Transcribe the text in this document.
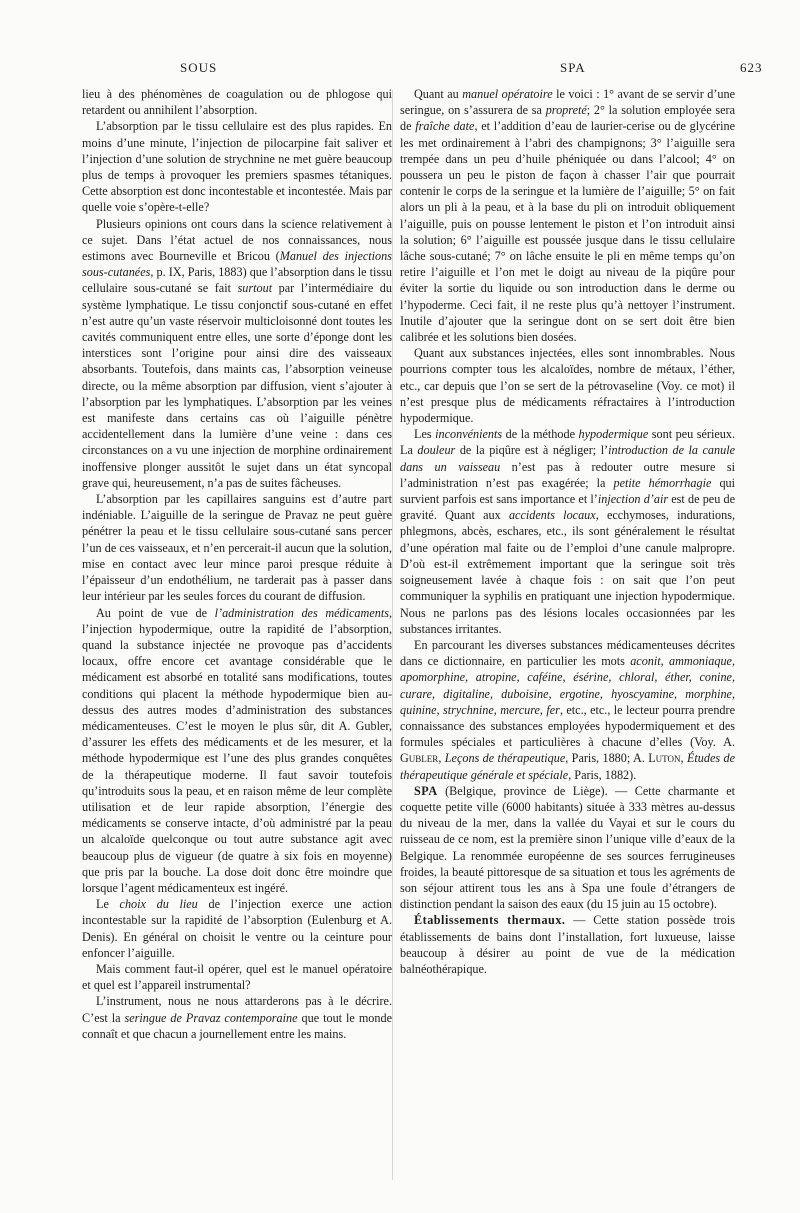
SOUS	SPA	623

lieu à des phénomènes de coagulation ou de phlogose qui retardent ou annihilent l’absorption.

L’absorption par le tissu cellulaire est des plus rapides. En moins d’une minute, l’injection de pilocarpine fait saliver et l’injection d’une solution de strychnine ne met guère beaucoup plus de temps à provoquer les premiers spasmes tétaniques. Cette absorption est donc incontestable et incontestée. Mais par quelle voie s’opère-t-elle?

Plusieurs opinions ont cours dans la science relativement à ce sujet. Dans l’état actuel de nos connaissances, nous estimons avec Bourneville et Bricou (Manuel des injections sous-cutanées, p. IX, Paris, 1883) que l’absorption dans le tissu cellulaire sous-cutané se fait surtout par l’intermédiaire du système lymphatique. Le tissu conjonctif sous-cutané en effet n’est autre qu’un vaste réservoir multicloisonné dont toutes les cavités communiquent entre elles, une sorte d’éponge dont les interstices sont l’origine pour ainsi dire des vaisseaux absorbants. Toutefois, dans maints cas, l’absorption veineuse directe, ou la même absorption par diffusion, vient s’ajouter à l’absorption par les lymphatiques. L’absorption par les veines est manifeste dans certains cas où l’aiguille pénètre accidentellement dans la lumière d’une veine : dans ces circonstances on a vu une injection de morphine ordinairement inoffensive plonger aussitôt le sujet dans un état syncopal grave qui, heureusement, n’a pas de suites fâcheuses.

L’absorption par les capillaires sanguins est d’autre part indéniable. L’aiguille de la seringue de Pravaz ne peut guère pénétrer la peau et le tissu cellulaire sous-cutané sans percer l’un de ces vaisseaux, et n’en percerait-il aucun que la solution, mise en contact avec leur mince paroi presque réduite à l’épaisseur d’un endothélium, ne tarderait pas à passer dans leur intérieur par les seules forces du courant de diffusion.

Au point de vue de l’administration des médicaments, l’injection hypodermique, outre la rapidité de l’absorption, quand la substance injectée ne provoque pas d’accidents locaux, offre encore cet avantage considérable que le médicament est absorbé en totalité sans modifications, toutes conditions qui placent la méthode hypodermique bien au-dessus des autres modes d’administration des substances médicamenteuses. C’est le moyen le plus sûr, dit A. Gubler, d’assurer les effets des médicaments et de les mesurer, et la méthode hypodermique est l’une des plus grandes conquêtes de la thérapeutique moderne. Il faut savoir toutefois qu’introduits sous la peau, et en raison même de leur complète utilisation et de leur rapide absorption, l’énergie des médicaments se conserve intacte, d’où administré par la peau un alcaloïde quelconque ou tout autre substance agit avec beaucoup plus de vigueur (de quatre à six fois en moyenne) que pris par la bouche. La dose doit donc être moindre que lorsque l’agent médicamenteux est ingéré.

Le choix du lieu de l’injection exerce une action incontestable sur la rapidité de l’absorption (Eulenburg et A. Denis). En général on choisit le ventre ou la ceinture pour enfoncer l’aiguille.

Mais comment faut-il opérer, quel est le manuel opératoire et quel est l’appareil instrumental?

L’instrument, nous ne nous attarderons pas à le décrire. C’est la seringue de Pravaz contemporaine que tout le monde connaît et que chacun a journellement entre les mains.

Quant au manuel opératoire le voici : 1° avant de se servir d’une seringue, on s’assurera de sa propreté; 2° la solution employée sera de fraîche date, et l’addition d’eau de laurier-cerise ou de glycérine les met ordinairement à l’abri des champignons; 3° l’aiguille sera trempée dans un peu d’huile phéniquée ou dans l’alcool; 4° on poussera un peu le piston de façon à chasser l’air que pourrait contenir le corps de la seringue et la lumière de l’aiguille; 5° on fait alors un pli à la peau, et à la base du pli on introduit obliquement l’aiguille, puis on pousse lentement le piston et l’on introduit ainsi la solution; 6° l’aiguille est poussée jusque dans le tissu cellulaire lâche sous-cutané; 7° on lâche ensuite le pli en même temps qu’on retire l’aiguille et l’on met le doigt au niveau de la piqûre pour éviter la sortie du liquide ou son introduction dans le derme ou l’hypoderme. Ceci fait, il ne reste plus qu’à nettoyer l’instrument. Inutile d’ajouter que la seringue dont on se sert doit être bien calibrée et les solutions bien dosées.

Quant aux substances injectées, elles sont innombrables. Nous pourrions compter tous les alcaloïdes, nombre de métaux, l’éther, etc., car depuis que l’on se sert de la pétrovaseline (Voy. ce mot) il n’est presque plus de médicaments réfractaires à l’introduction hypodermique.

Les inconvénients de la méthode hypodermique sont peu sérieux. La douleur de la piqûre est à négliger; l’introduction de la canule dans un vaisseau n’est pas à redouter outre mesure si l’administration n’est pas exagérée; la petite hémorrhagie qui survient parfois est sans importance et l’injection d’air est de peu de gravité. Quant aux accidents locaux, ecchymoses, indurations, phlegmons, abcès, eschares, etc., ils sont généralement le résultat d’une opération mal faite ou de l’emploi d’une canule malpropre. D’où est-il extrêmement important que la seringue soit très soigneusement lavée à chaque fois : on sait que l’on peut communiquer la syphilis en pratiquant une injection hypodermique. Nous ne parlons pas des lésions locales occasionnées par les substances irritantes.

En parcourant les diverses substances médicamenteuses décrites dans ce dictionnaire, en particulier les mots aconit, ammoniaque, apomorphine, atropine, caféine, ésérine, chloral, éther, conine, curare, digitaline, duboisine, ergotine, hyoscyamine, morphine, quinine, strychnine, mercure, fer, etc., etc., le lecteur pourra prendre connaissance des substances employées hypodermiquement et des formules spéciales et particulières à chacune d’elles (Voy. A. Gubler, Leçons de thérapeutique, Paris, 1880; A. Luton, Études de thérapeutique générale et spéciale, Paris, 1882).

SPA (Belgique, province de Liège). — Cette charmante et coquette petite ville (6000 habitants) située à 333 mètres au-dessus du niveau de la mer, dans la vallée du Vayai et sur le cours du ruisseau de ce nom, est la première sinon l’unique ville d’eaux de la Belgique. La renommée européenne de ses sources ferrugineuses froides, la beauté pittoresque de sa situation et tous les agréments de son séjour attirent tous les ans à Spa une foule d’étrangers de distinction pendant la saison des eaux (du 15 juin au 15 octobre).

Établissements thermaux. — Cette station possède trois établissements de bains dont l’installation, fort luxueuse, laisse beaucoup à désirer au point de vue de la médication balnéothérapique.
